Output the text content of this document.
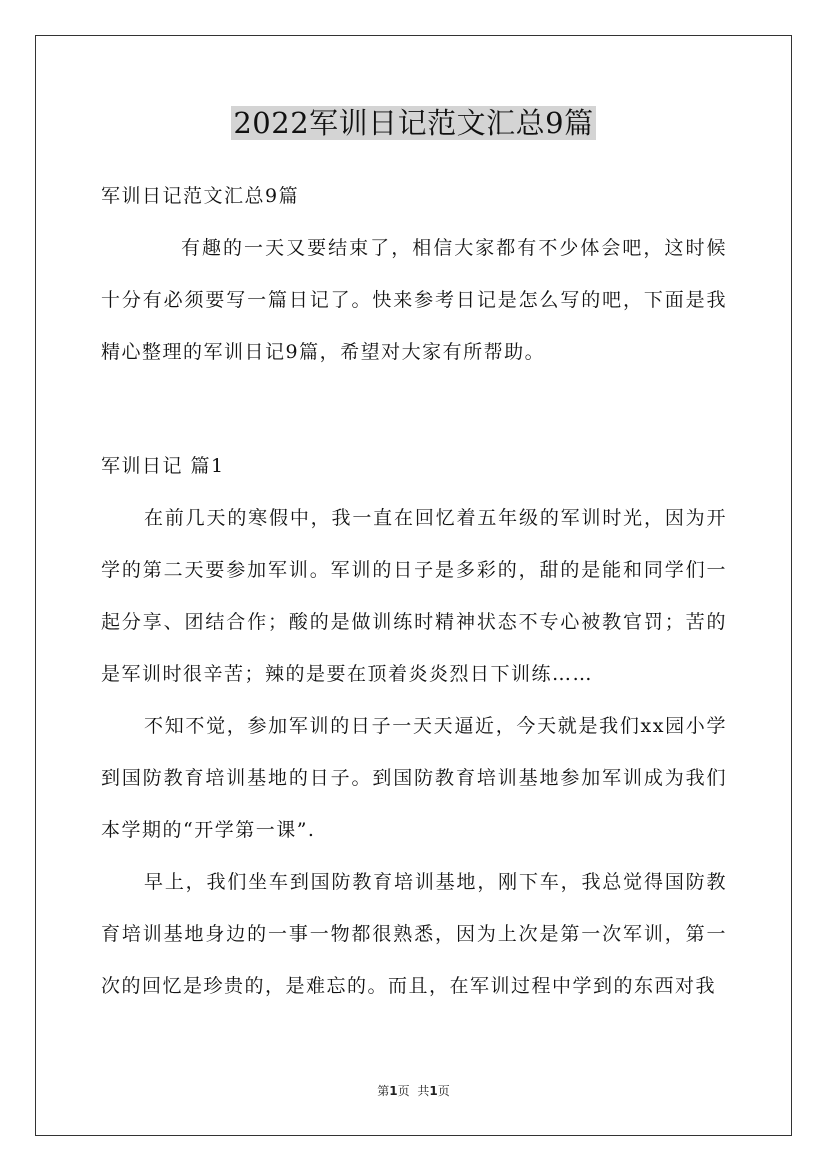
2022军训日记范文汇总9篇
军训日记范文汇总9篇
有趣的一天又要结束了，相信大家都有不少体会吧，这时候十分有必须要写一篇日记了。快来参考日记是怎么写的吧，下面是我精心整理的军训日记9篇，希望对大家有所帮助。
军训日记 篇1

在前几天的寒假中，我一直在回忆着五年级的军训时光，因为开学的第二天要参加军训。军训的日子是多彩的，甜的是能和同学们一起分享、团结合作；酸的是做训练时精神状态不专心被教官罚；苦的是军训时很辛苦；辣的是要在顶着炎炎烈日下训练……

不知不觉，参加军训的日子一天天逼近，今天就是我们xx园小学到国防教育培训基地的日子。到国防教育培训基地参加军训成为我们本学期的“开学第一课”.

早上，我们坐车到国防教育培训基地，刚下车，我总觉得国防教育培训基地身边的一事一物都很熟悉，因为上次是第一次军训，第一次的回忆是珍贵的，是难忘的。而且，在军训过程中学到的东西对我

第1页 共1页
